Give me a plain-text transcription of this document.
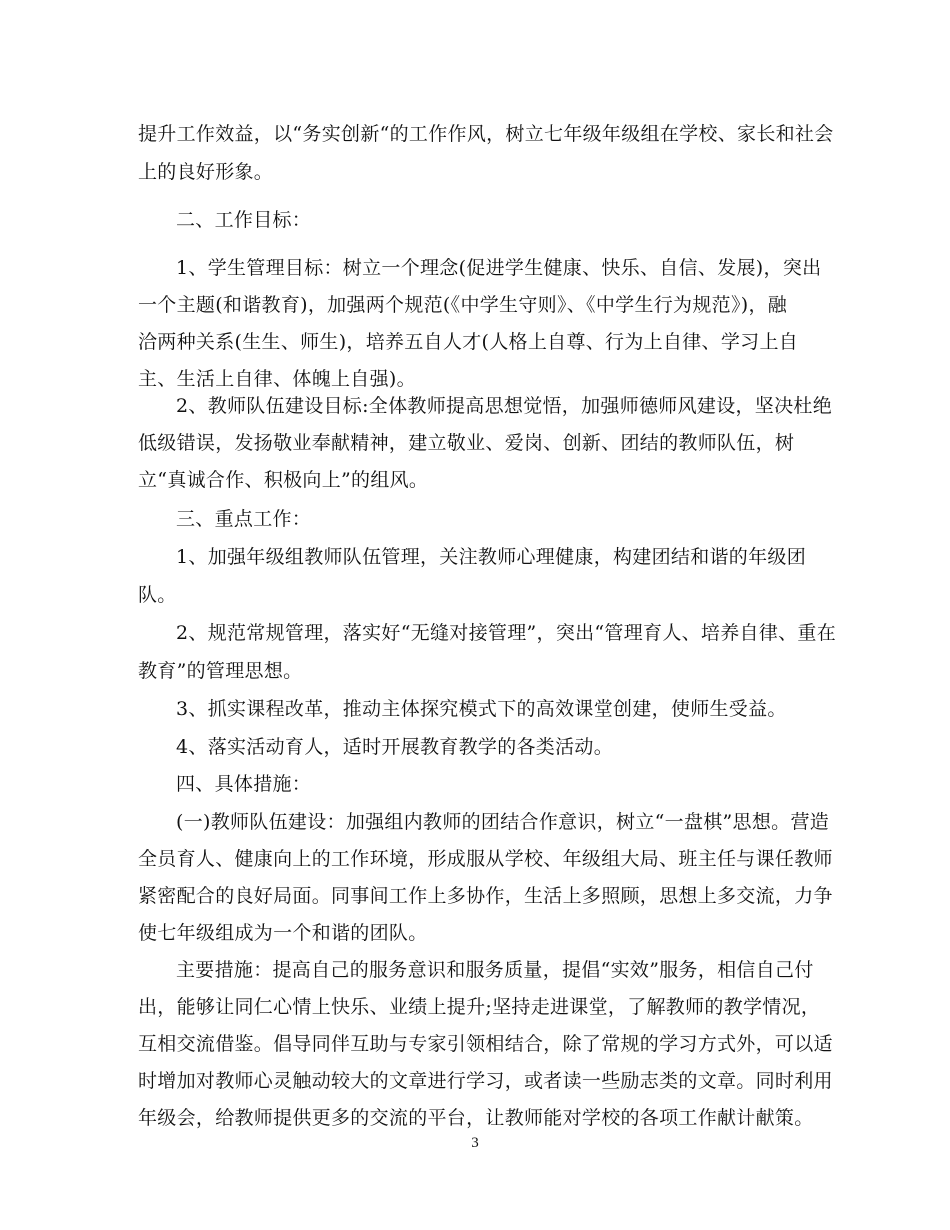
提升工作效益，以“务实创新“的工作作风，树立七年级年级组在学校、家长和社会
上的良好形象。
二、工作目标：
1、学生管理目标：树立一个理念(促进学生健康、快乐、自信、发展)，突出
一个主题(和谐教育)，加强两个规范(《中学生守则》、《中学生行为规范》)，融
洽两种关系(生生、师生)，培养五自人才(人格上自尊、行为上自律、学习上自
主、生活上自律、体魄上自强)。
2、教师队伍建设目标:全体教师提高思想觉悟，加强师德师风建设，坚决杜绝
低级错误，发扬敬业奉献精神，建立敬业、爱岗、创新、团结的教师队伍，树
立“真诚合作、积极向上”的组风。
三、重点工作：
1、加强年级组教师队伍管理，关注教师心理健康，构建团结和谐的年级团
队。
2、规范常规管理，落实好“无缝对接管理”，突出“管理育人、培养自律、重在
教育”的管理思想。
3、抓实课程改革，推动主体探究模式下的高效课堂创建，使师生受益。
4、落实活动育人，适时开展教育教学的各类活动。
四、具体措施：
(一)教师队伍建设：加强组内教师的团结合作意识，树立“一盘棋”思想。营造
全员育人、健康向上的工作环境，形成服从学校、年级组大局、班主任与课任教师
紧密配合的良好局面。同事间工作上多协作，生活上多照顾，思想上多交流，力争
使七年级组成为一个和谐的团队。
主要措施：提高自己的服务意识和服务质量，提倡“实效”服务，相信自己付
出，能够让同仁心情上快乐、业绩上提升;坚持走进课堂，了解教师的教学情况，
互相交流借鉴。倡导同伴互助与专家引领相结合，除了常规的学习方式外，可以适
时增加对教师心灵触动较大的文章进行学习，或者读一些励志类的文章。同时利用
年级会，给教师提供更多的交流的平台，让教师能对学校的各项工作献计献策。
3
